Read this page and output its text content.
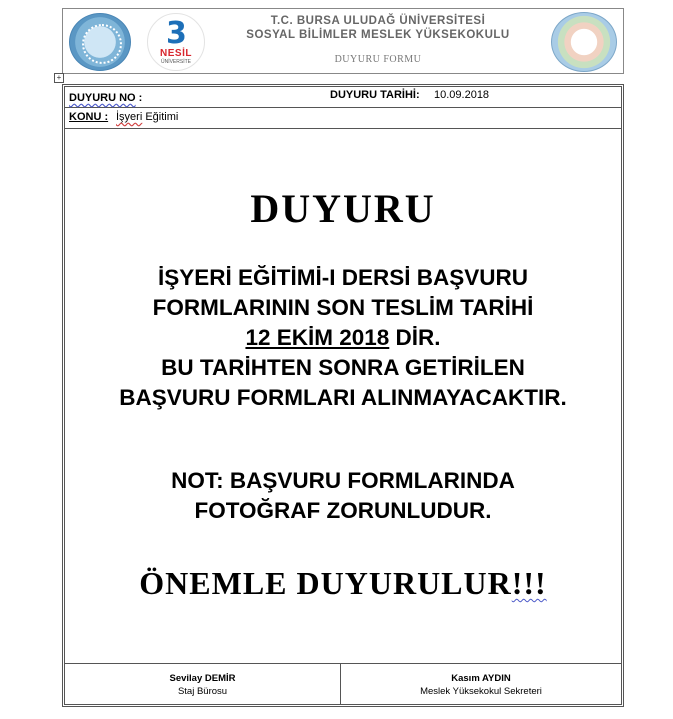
3
NESİL
ÜNİVERSİTE
T.C. BURSA ULUDAĞ ÜNİVERSİTESİ
SOSYAL BİLİMLER MESLEK YÜKSEKOKULU
DUYURU FORMU
+
DUYURU NO :	DUYURU TARİHİ: 10.09.2018
KONU : İşyeri Eğitimi
DUYURU
İŞYERİ EĞİTİMİ-I DERSİ BAŞVURU
FORMLARININ SON TESLİM TARİHİ
12 EKİM 2018 DİR.
BU TARİHTEN SONRA GETİRİLEN
BAŞVURU FORMLARI ALINMAYACAKTIR.
NOT: BAŞVURU FORMLARINDA
FOTOĞRAF ZORUNLUDUR.
ÖNEMLE DUYURULUR!!!
Sevilay DEMİR
Staj Bürosu
Kasım AYDIN
Meslek Yüksekokul Sekreteri
